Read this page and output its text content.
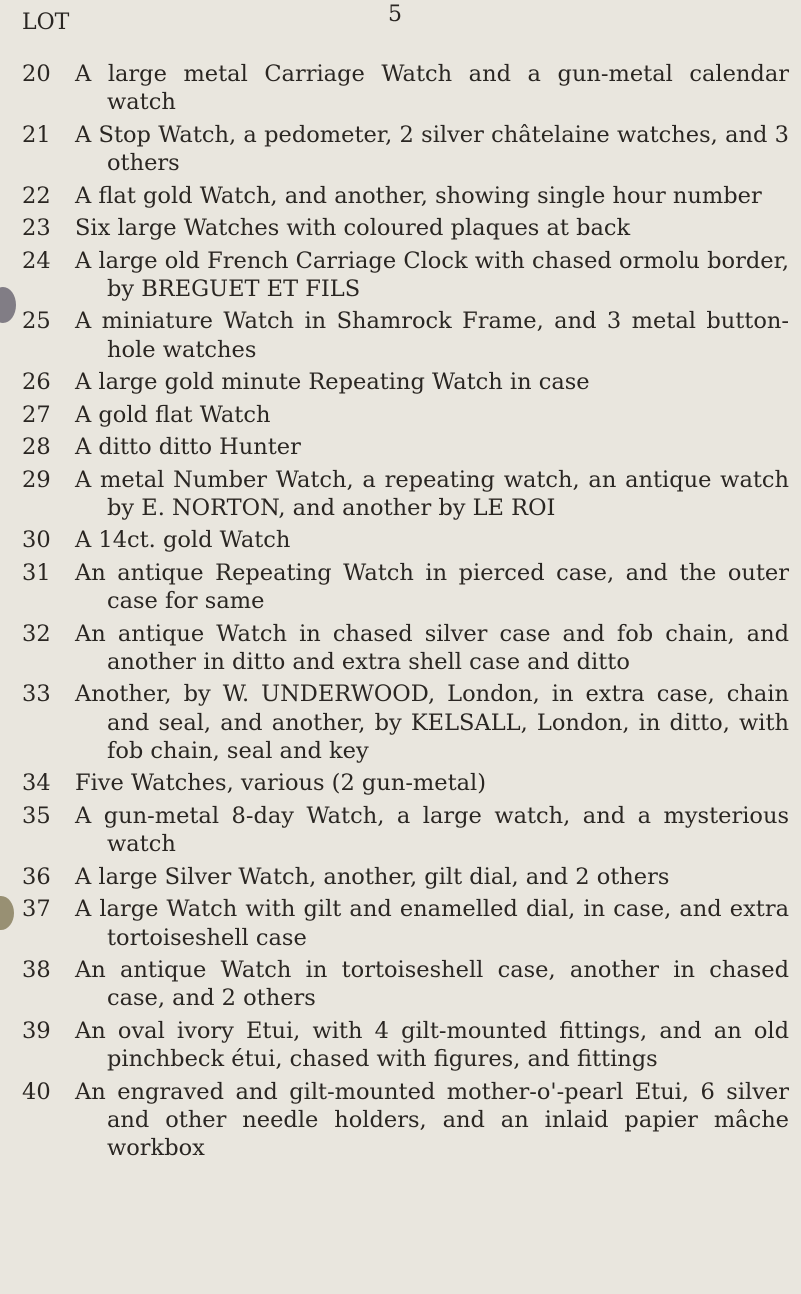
5

LOT
20 A large metal Carriage Watch and a gun-metal calendar watch
21 A Stop Watch, a pedometer, 2 silver châtelaine watches, and 3 others
22 A flat gold Watch, and another, showing single hour number
23 Six large Watches with coloured plaques at back
24 A large old French Carriage Clock with chased ormolu border, by BREGUET ET FILS
25 A miniature Watch in Shamrock Frame, and 3 metal button-hole watches
26 A large gold minute Repeating Watch in case
27 A gold flat Watch
28 A ditto ditto Hunter
29 A metal Number Watch, a repeating watch, an antique watch by E. NORTON, and another by LE ROI
30 A 14ct. gold Watch
31 An antique Repeating Watch in pierced case, and the outer case for same
32 An antique Watch in chased silver case and fob chain, and another in ditto and extra shell case and ditto
33 Another, by W. UNDERWOOD, London, in extra case, chain and seal, and another, by KELSALL, London, in ditto, with fob chain, seal and key
34 Five Watches, various (2 gun-metal)
35 A gun-metal 8-day Watch, a large watch, and a mysterious watch
36 A large Silver Watch, another, gilt dial, and 2 others
37 A large Watch with gilt and enamelled dial, in case, and extra tortoiseshell case
38 An antique Watch in tortoiseshell case, another in chased case, and 2 others
39 An oval ivory Etui, with 4 gilt-mounted fittings, and an old pinchbeck étui, chased with figures, and fittings
40 An engraved and gilt-mounted mother-o'-pearl Etui, 6 silver and other needle holders, and an inlaid papier mâche workbox
